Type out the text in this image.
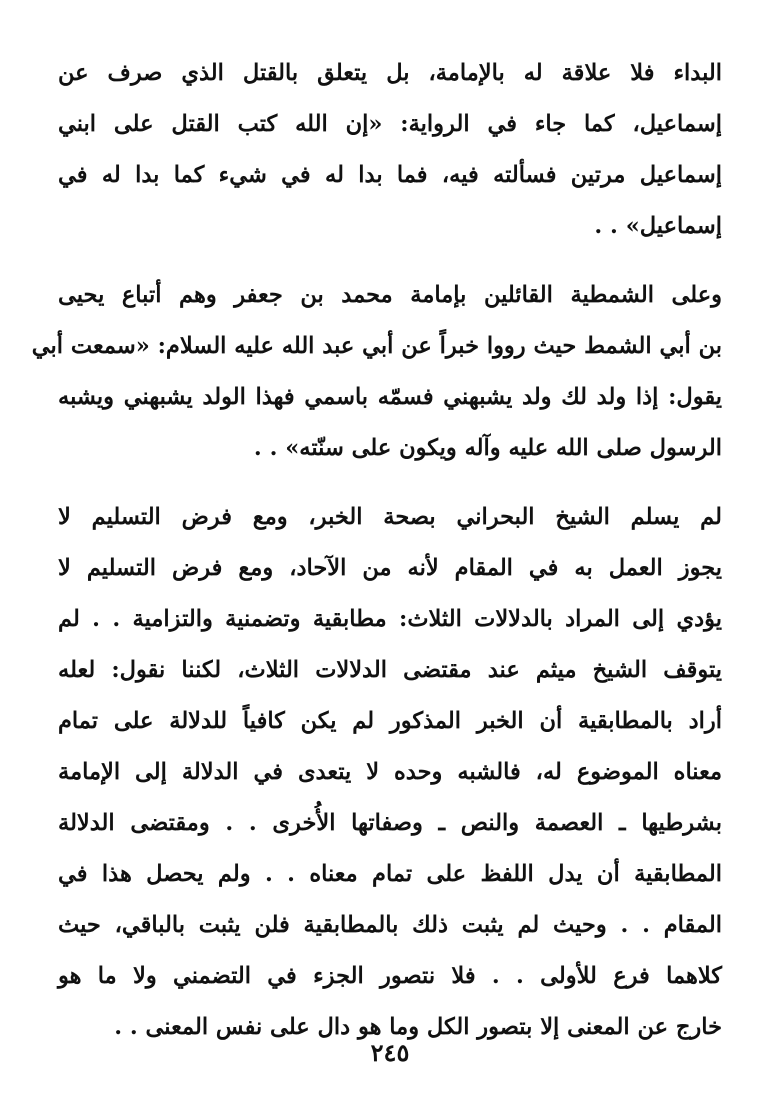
البداء فلا علاقة له بالإمامة، بل يتعلق بالقتل الذي صرف عن
إسماعيل، كما جاء في الرواية: «إن الله كتب القتل على ابني
إسماعيل مرتين فسألته فيه، فما بدا له في شيء كما بدا له في
إسماعيل» . .
وعلى الشمطية القائلين بإمامة محمد بن جعفر وهم أتباع يحيى
بن أبي الشمط حيث رووا خبراً عن أبي عبد الله عليه السلام: «سمعت أبي
يقول: إذا ولد لك ولد يشبهني فسمّه باسمي فهذا الولد يشبهني ويشبه
الرسول صلى الله عليه وآله ويكون على سنّته» . .
لم يسلم الشيخ البحراني بصحة الخبر، ومع فرض التسليم لا
يجوز العمل به في المقام لأنه من الآحاد، ومع فرض التسليم لا
يؤدي إلى المراد بالدلالات الثلاث: مطابقية وتضمنية والتزامية . . لم
يتوقف الشيخ ميثم عند مقتضى الدلالات الثلاث، لكننا نقول: لعله
أراد بالمطابقية أن الخبر المذكور لم يكن كافياً للدلالة على تمام
معناه الموضوع له، فالشبه وحده لا يتعدى في الدلالة إلى الإمامة
بشرطيها ـ العصمة والنص ـ وصفاتها الأُخرى . . ومقتضى الدلالة
المطابقية أن يدل اللفظ على تمام معناه . . ولم يحصل هذا في
المقام . . وحيث لم يثبت ذلك بالمطابقية فلن يثبت بالباقي، حيث
كلاهما فرع للأولى . . فلا نتصور الجزء في التضمني ولا ما هو
خارج عن المعنى إلا بتصور الكل وما هو دال على نفس المعنى . .
٢٤٥
